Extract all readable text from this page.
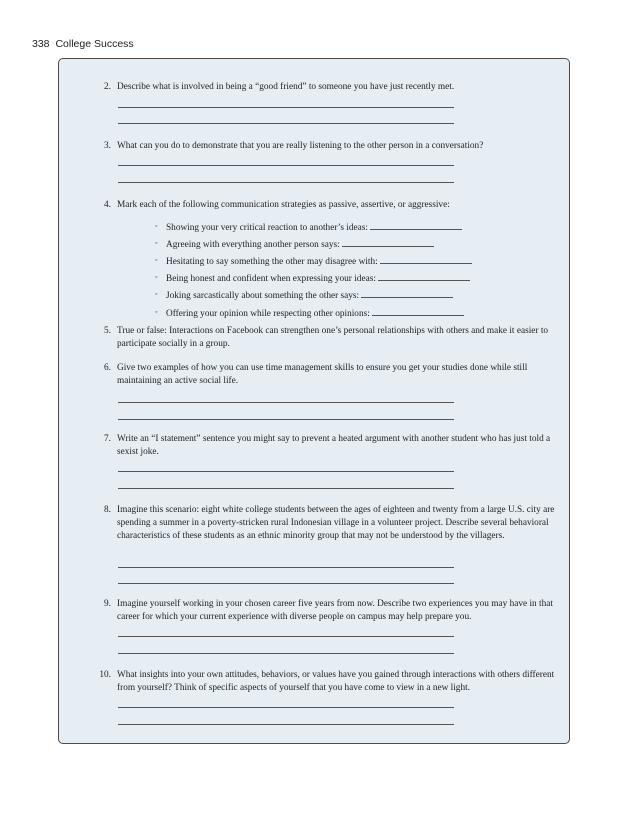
338 College Success
2. Describe what is involved in being a “good friend” to someone you have just recently met.
3. What can you do to demonstrate that you are really listening to the other person in a conversation?
4. Mark each of the following communication strategies as passive, assertive, or aggressive:
◦ Showing your very critical reaction to another’s ideas:
◦ Agreeing with everything another person says:
◦ Hesitating to say something the other may disagree with:
◦ Being honest and confident when expressing your ideas:
◦ Joking sarcastically about something the other says:
◦ Offering your opinion while respecting other opinions:
5. True or false: Interactions on Facebook can strengthen one’s personal relationships with others and make it easier to participate socially in a group.
6. Give two examples of how you can use time management skills to ensure you get your studies done while still maintaining an active social life.
7. Write an “I statement” sentence you might say to prevent a heated argument with another student who has just told a sexist joke.
8. Imagine this scenario: eight white college students between the ages of eighteen and twenty from a large U.S. city are spending a summer in a poverty-stricken rural Indonesian village in a volunteer project. Describe several behavioral characteristics of these students as an ethnic minority group that may not be understood by the villagers.
9. Imagine yourself working in your chosen career five years from now. Describe two experiences you may have in that career for which your current experience with diverse people on campus may help prepare you.
10. What insights into your own attitudes, behaviors, or values have you gained through interactions with others different from yourself? Think of specific aspects of yourself that you have come to view in a new light.
